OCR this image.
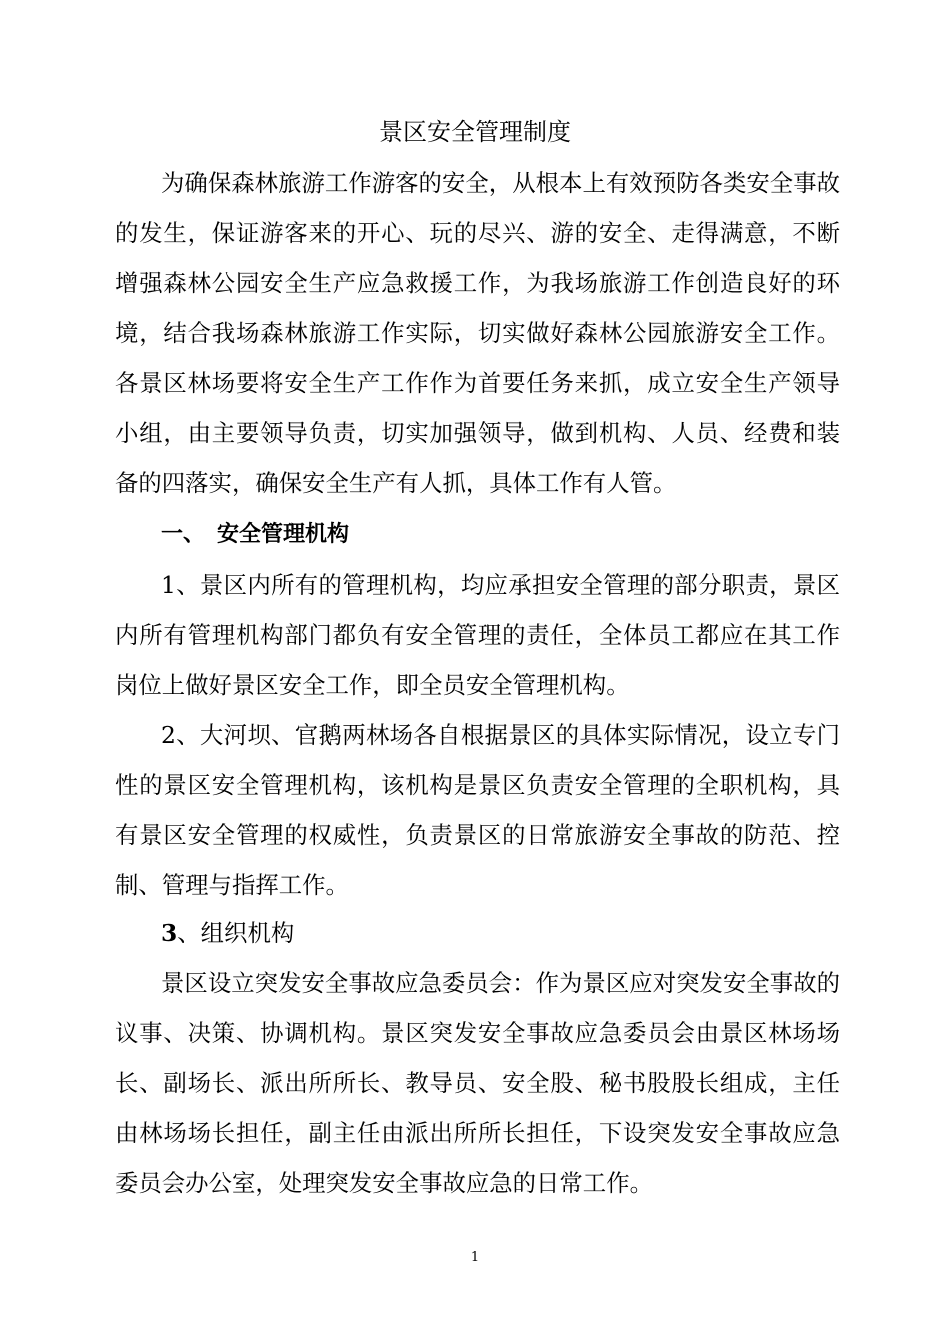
景区安全管理制度

为确保森林旅游工作游客的安全，从根本上有效预防各类安全事故的发生，保证游客来的开心、玩的尽兴、游的安全、走得满意，不断增强森林公园安全生产应急救援工作，为我场旅游工作创造良好的环境，结合我场森林旅游工作实际，切实做好森林公园旅游安全工作。各景区林场要将安全生产工作作为首要任务来抓，成立安全生产领导小组，由主要领导负责，切实加强领导，做到机构、人员、经费和装备的四落实，确保安全生产有人抓，具体工作有人管。

一、 安全管理机构

1、景区内所有的管理机构，均应承担安全管理的部分职责，景区内所有管理机构部门都负有安全管理的责任，全体员工都应在其工作岗位上做好景区安全工作，即全员安全管理机构。

2、大河坝、官鹅两林场各自根据景区的具体实际情况，设立专门性的景区安全管理机构，该机构是景区负责安全管理的全职机构，具有景区安全管理的权威性，负责景区的日常旅游安全事故的防范、控制、管理与指挥工作。

3、组织机构

景区设立突发安全事故应急委员会：作为景区应对突发安全事故的议事、决策、协调机构。景区突发安全事故应急委员会由景区林场场长、副场长、派出所所长、教导员、安全股、秘书股股长组成，主任由林场场长担任，副主任由派出所所长担任，下设突发安全事故应急委员会办公室，处理突发安全事故应急的日常工作。

1
